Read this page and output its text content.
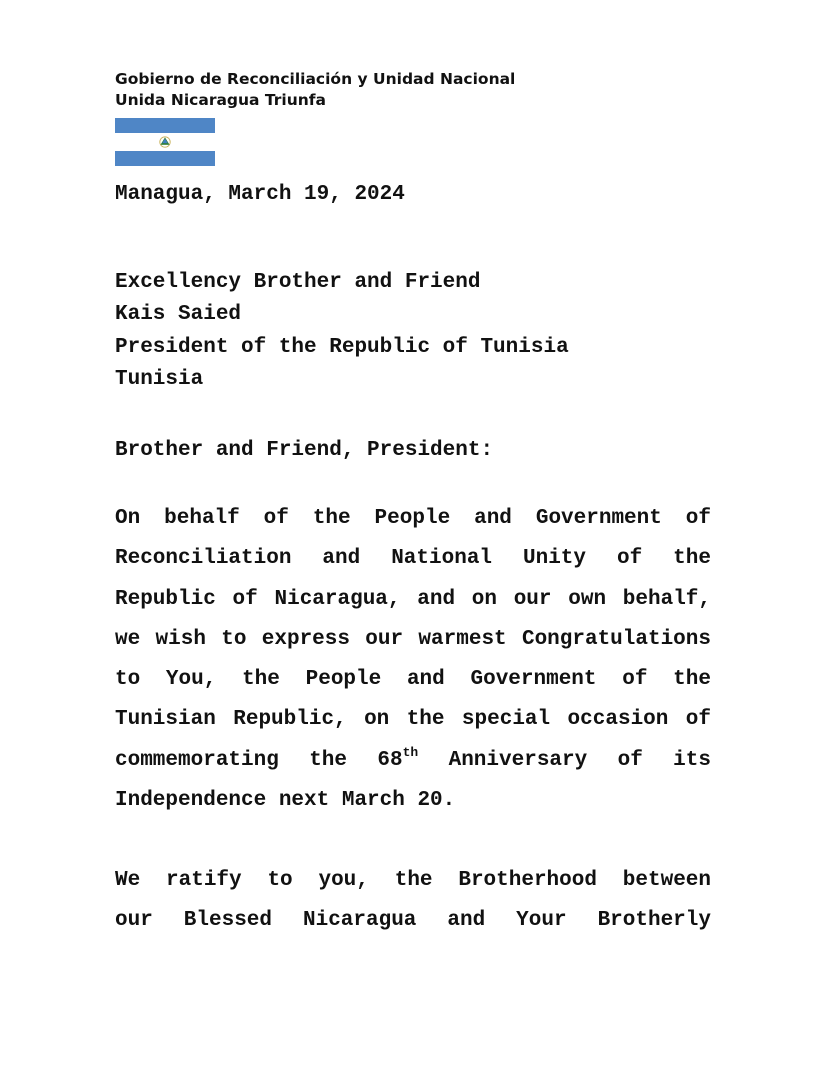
Gobierno de Reconciliación y Unidad Nacional
Unida Nicaragua Triunfa
Managua, March 19, 2024
Excellency Brother and Friend
Kais Saied
President of the Republic of Tunisia
Tunisia
Brother and Friend, President:
On behalf of the People and Government of
Reconciliation and National Unity of the
Republic of Nicaragua, and on our own behalf,
we wish to express our warmest Congratulations
to You, the People and Government of the
Tunisian Republic, on the special occasion of
commemorating the 68th Anniversary of its
Independence next March 20.
We ratify to you, the Brotherhood between
our Blessed Nicaragua and Your Brotherly
